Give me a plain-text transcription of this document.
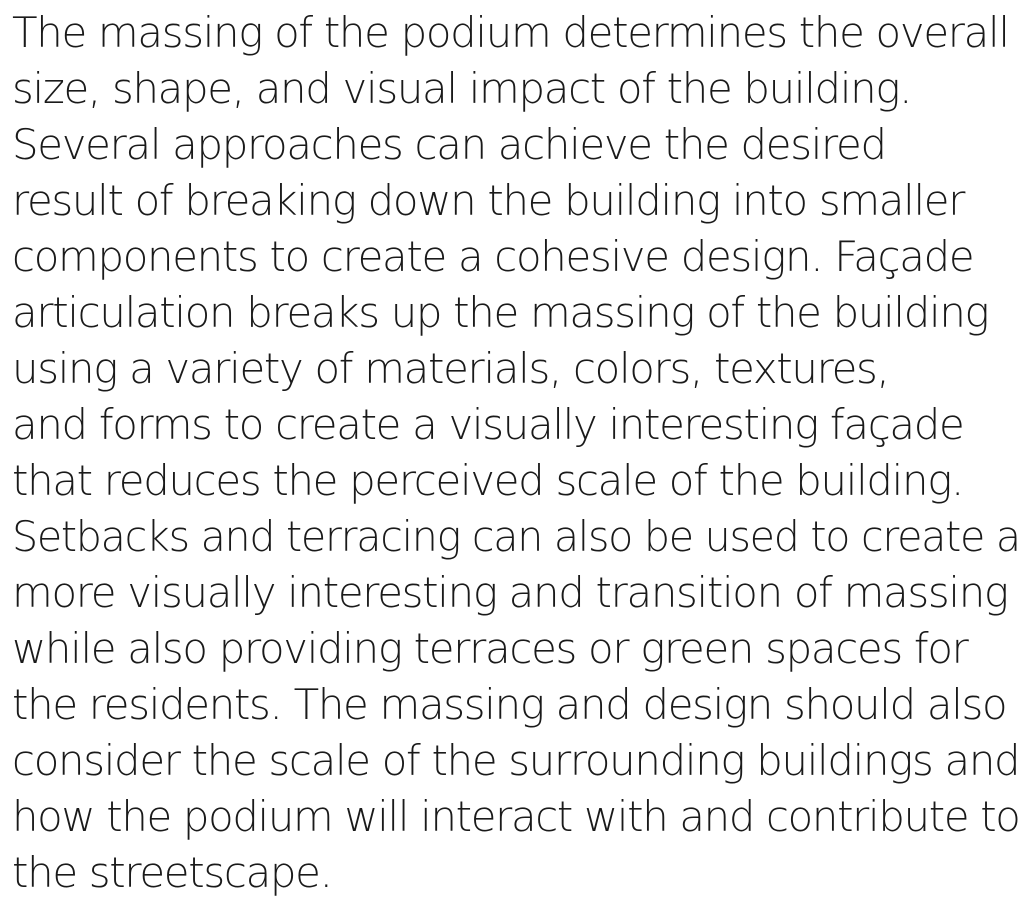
The massing of the podium determines the overall
size, shape, and visual impact of the building.
Several approaches can achieve the desired
result of breaking down the building into smaller
components to create a cohesive design. Façade
articulation breaks up the massing of the building
using a variety of materials, colors, textures,
and forms to create a visually interesting façade
that reduces the perceived scale of the building.
Setbacks and terracing can also be used to create a
more visually interesting and transition of massing
while also providing terraces or green spaces for
the residents. The massing and design should also
consider the scale of the surrounding buildings and
how the podium will interact with and contribute to
the streetscape.
